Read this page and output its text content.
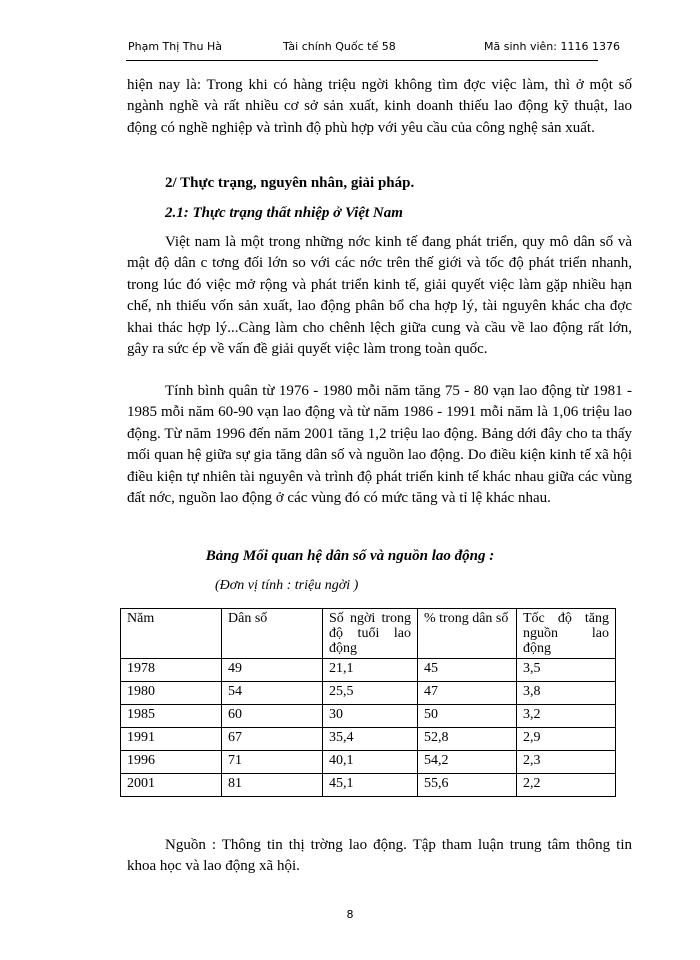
Phạm Thị Thu Hà	Tài chính Quốc tế 58	Mã sinh viên: 1116 1376
hiện nay là: Trong khi có hàng triệu ngời không tìm đợc việc làm, thì ở một số ngành nghề và rất nhiều cơ sở sản xuất, kinh doanh thiếu lao động kỹ thuật, lao động có nghề nghiệp và trình độ phù hợp với yêu cầu của công nghệ sản xuất.
2/ Thực trạng, nguyên nhân, giải pháp.
2.1: Thực trạng thất nhiệp ở Việt Nam
Việt nam là một trong những nớc kinh tế đang phát triển, quy mô dân số và mật độ dân c tơng đối lớn so với các nớc trên thế giới và tốc độ phát triển nhanh, trong lúc đó việc mở rộng và phát triển kinh tế, giải quyết việc làm gặp nhiều hạn chế, nh thiếu vốn sản xuất, lao động phân bổ cha hợp lý, tài nguyên khác cha đợc khai thác hợp lý...Càng làm cho chênh lệch giữa cung và cầu về lao động rất lớn, gây ra sức ép về vấn đề giải quyết việc làm trong toàn quốc.
Tính bình quân từ 1976 - 1980 mỗi năm tăng 75 - 80 vạn lao động từ 1981 - 1985 mỗi năm 60-90 vạn lao động và từ năm 1986 - 1991 mỗi năm là 1,06 triệu lao động. Từ năm 1996 đến năm 2001 tăng 1,2 triệu lao động. Bảng dới đây cho ta thấy mối quan hệ giữa sự gia tăng dân số và nguồn lao động. Do điều kiện kinh tế xã hội điều kiện tự nhiên tài nguyên và trình độ phát triển kinh tế khác nhau giữa các vùng đất nớc, nguồn lao động ở các vùng đó có mức tăng và tỉ lệ khác nhau.
Bảng Mối quan hệ dân số và nguồn lao động :
(Đơn vị tính : triệu ngời )
Năm	Dân số	Số ngời trong độ tuổi lao động	% trong dân số	Tốc độ tăng nguồn lao động
1978	49	21,1	45	3,5
1980	54	25,5	47	3,8
1985	60	30	50	3,2
1991	67	35,4	52,8	2,9
1996	71	40,1	54,2	2,3
2001	81	45,1	55,6	2,2
Nguồn : Thông tin thị trờng lao động. Tập tham luận trung tâm thông tin khoa học và lao động xã hội.
8
